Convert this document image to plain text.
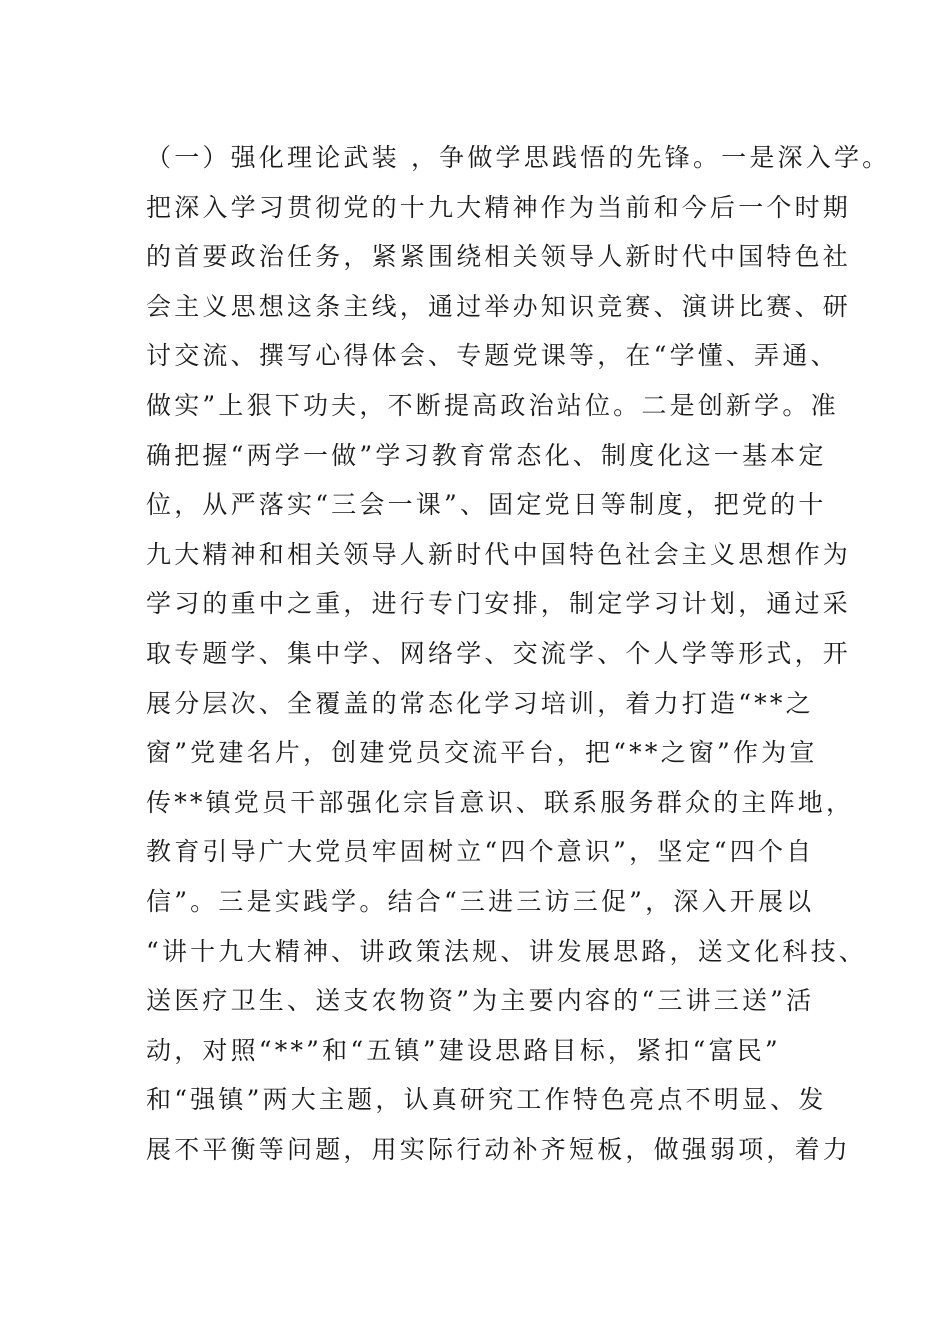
（一）强化理论武装 ，争做学思践悟的先锋。一是深入学。
把深入学习贯彻党的十九大精神作为当前和今后一个时期
的首要政治任务，紧紧围绕相关领导人新时代中国特色社
会主义思想这条主线，通过举办知识竞赛、演讲比赛、研
讨交流、撰写心得体会、专题党课等，在“学懂、弄通、
做实”上狠下功夫，不断提高政治站位。二是创新学。准
确把握“两学一做”学习教育常态化、制度化这一基本定
位，从严落实“三会一课”、固定党日等制度，把党的十
九大精神和相关领导人新时代中国特色社会主义思想作为
学习的重中之重，进行专门安排，制定学习计划，通过采
取专题学、集中学、网络学、交流学、个人学等形式，开
展分层次、全覆盖的常态化学习培训，着力打造“**之
窗”党建名片，创建党员交流平台，把“**之窗”作为宣
传**镇党员干部强化宗旨意识、联系服务群众的主阵地，
教育引导广大党员牢固树立“四个意识”，坚定“四个自
信”。三是实践学。结合“三进三访三促”，深入开展以
“讲十九大精神、讲政策法规、讲发展思路，送文化科技、
送医疗卫生、送支农物资”为主要内容的“三讲三送”活
动，对照“**”和“五镇”建设思路目标，紧扣“富民”
和“强镇”两大主题，认真研究工作特色亮点不明显、发
展不平衡等问题，用实际行动补齐短板，做强弱项，着力
